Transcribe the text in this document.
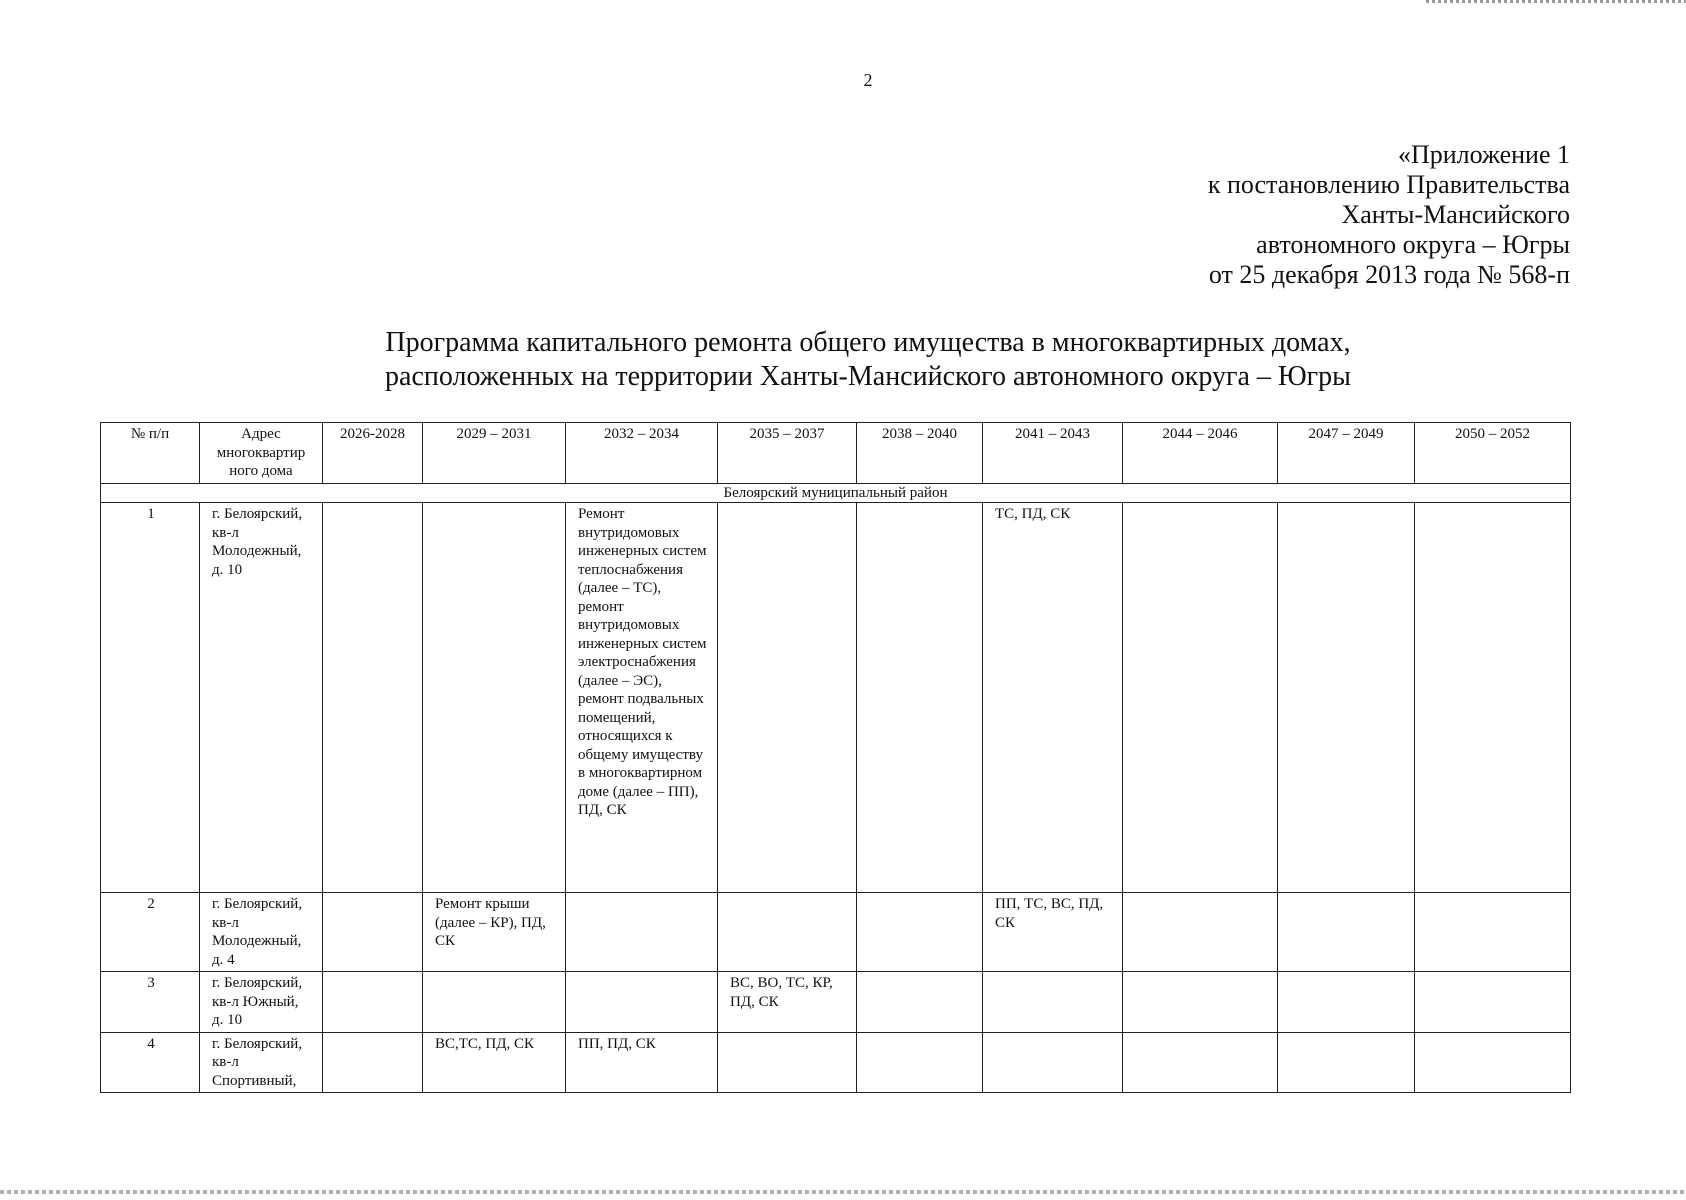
2
«Приложение 1
к постановлению Правительства
Ханты-Мансийского
автономного округа – Югры
от 25 декабря 2013 года № 568-п
Программа капитального ремонта общего имущества в многоквартирных домах,
расположенных на территории Ханты-Мансийского автономного округа – Югры
№ п/п	Адрес многоквартир ного дома	2026-2028	2029 – 2031	2032 – 2034	2035 – 2037	2038 – 2040	2041 – 2043	2044 – 2046	2047 – 2049	2050 – 2052
Белоярский муниципальный район										
1	г. Белоярский, кв-л Молодежный, д. 10			Ремонт внутридомовых инженерных систем теплоснабжения (далее – ТС), ремонт внутридомовых инженерных систем электроснабжения (далее – ЭС), ремонт подвальных помещений, относящихся к общему имуществу в многоквартирном доме (далее – ПП), ПД, СК			ТС, ПД, СК			
2	г. Белоярский, кв-л Молодежный, д. 4		Ремонт крыши (далее – КР), ПД, СК				ПП, ТС, ВС, ПД, СК			
3	г. Белоярский, кв-л Южный, д. 10				ВС, ВО, ТС, КР, ПД, СК					
4	г. Белоярский, кв-л Спортивный,		ВС,ТС, ПД, СК	ПП, ПД, СК						
